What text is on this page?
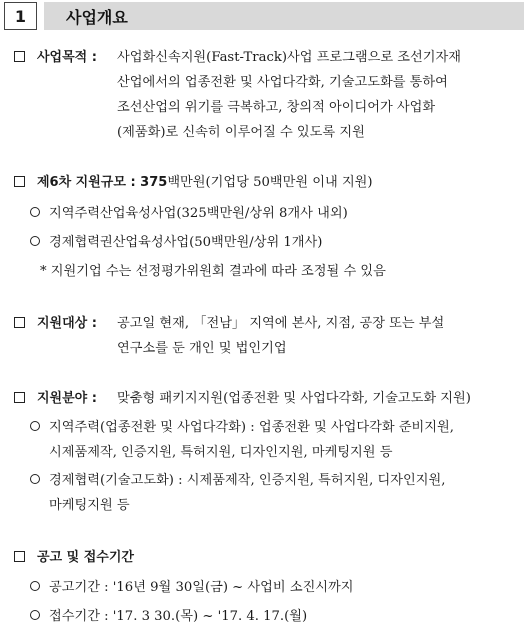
1	사업개요
사업목적 : 사업화신속지원(Fast-Track)사업 프로그램으로 조선기자재
산업에서의 업종전환 및 사업다각화, 기술고도화를 통하여
조선산업의 위기를 극복하고, 창의적 아이디어가 사업화
(제품화)로 신속히 이루어질 수 있도록 지원
제6차 지원규모 : 375백만원(기업당 50백만원 이내 지원)
지역주력산업육성사업(325백만원/상위 8개사 내외)
경제협력권산업육성사업(50백만원/상위 1개사)
* 지원기업 수는 선정평가위원회 결과에 따라 조정될 수 있음
지원대상 : 공고일 현재, 「전남」 지역에 본사, 지점, 공장 또는 부설
연구소를 둔 개인 및 법인기업
지원분야 : 맞춤형 패키지지원(업종전환 및 사업다각화, 기술고도화 지원)
지역주력(업종전환 및 사업다각화) : 업종전환 및 사업다각화 준비지원,
시제품제작, 인증지원, 특허지원, 디자인지원, 마케팅지원 등
경제협력(기술고도화) : 시제품제작, 인증지원, 특허지원, 디자인지원,
마케팅지원 등
공고 및 접수기간
공고기간 : '16년 9월 30일(금) ~ 사업비 소진시까지
접수기간 : '17. 3 30.(목) ~ '17. 4. 17.(월)
